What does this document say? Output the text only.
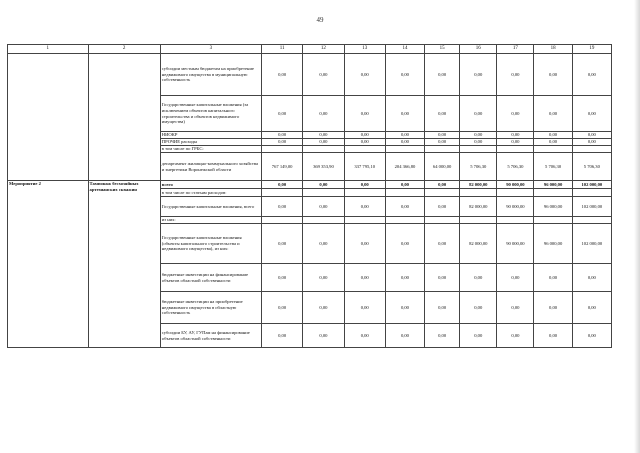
49
1	2	3	11	12	13	14	15	16	17	18	19
		субсидии местным бюджетам на приобретение недвижимого имущества в муниципальную собственность	0,00	0,00	0,00	0,00	0,00	0,00	0,00	0,00	0,00
		Государственные капитальные вложения (за исключением объектов капитального строительства и объектов недвижимого имущества)	0,00	0,00	0,00	0,00	0,00	0,00	0,00	0,00	0,00
		НИОКР	0,00	0,00	0,00	0,00	0,00	0,00	0,00	0,00	0,00
		ПРОЧИЕ расходы	0,00	0,00	0,00	0,00	0,00	0,00	0,00	0,00	0,00
		в том числе по ГРБС:									
		департамент жилищно-коммунального хозяйства и энергетики Воронежской области	767 149,00	369 353,90	337 795,10	204 366,80	64 000,00	5 706,30	5 706,30	5 706,30	5 706,30
Мероприятие 2	Тампонаж бесхозяйных артезианских скважин	всего	0,00	0,00	0,00	0,00	0,00	82 000,00	90 000,00	96 000,00	102 000,00
		в том числе по статьям расходов:									
		Государственные капитальные вложения, всего	0,00	0,00	0,00	0,00	0,00	82 000,00	90 000,00	96 000,00	102 000,00
		из них:									
		Государственные капитальные вложения (объекты капитального строительства и недвижимого имущества), из них:	0,00	0,00	0,00	0,00	0,00	82 000,00	90 000,00	96 000,00	102 000,00
		бюджетные инвестиции на финансирование объектов областной собственности	0,00	0,00	0,00	0,00	0,00	0,00	0,00	0,00	0,00
		бюджетные инвестиции на приобретение недвижимого имущества в областную собственность	0,00	0,00	0,00	0,00	0,00	0,00	0,00	0,00	0,00
		субсидии БУ, АУ, ГУПам на финансирование объектов областной собственности	0,00	0,00	0,00	0,00	0,00	0,00	0,00	0,00	0,00
